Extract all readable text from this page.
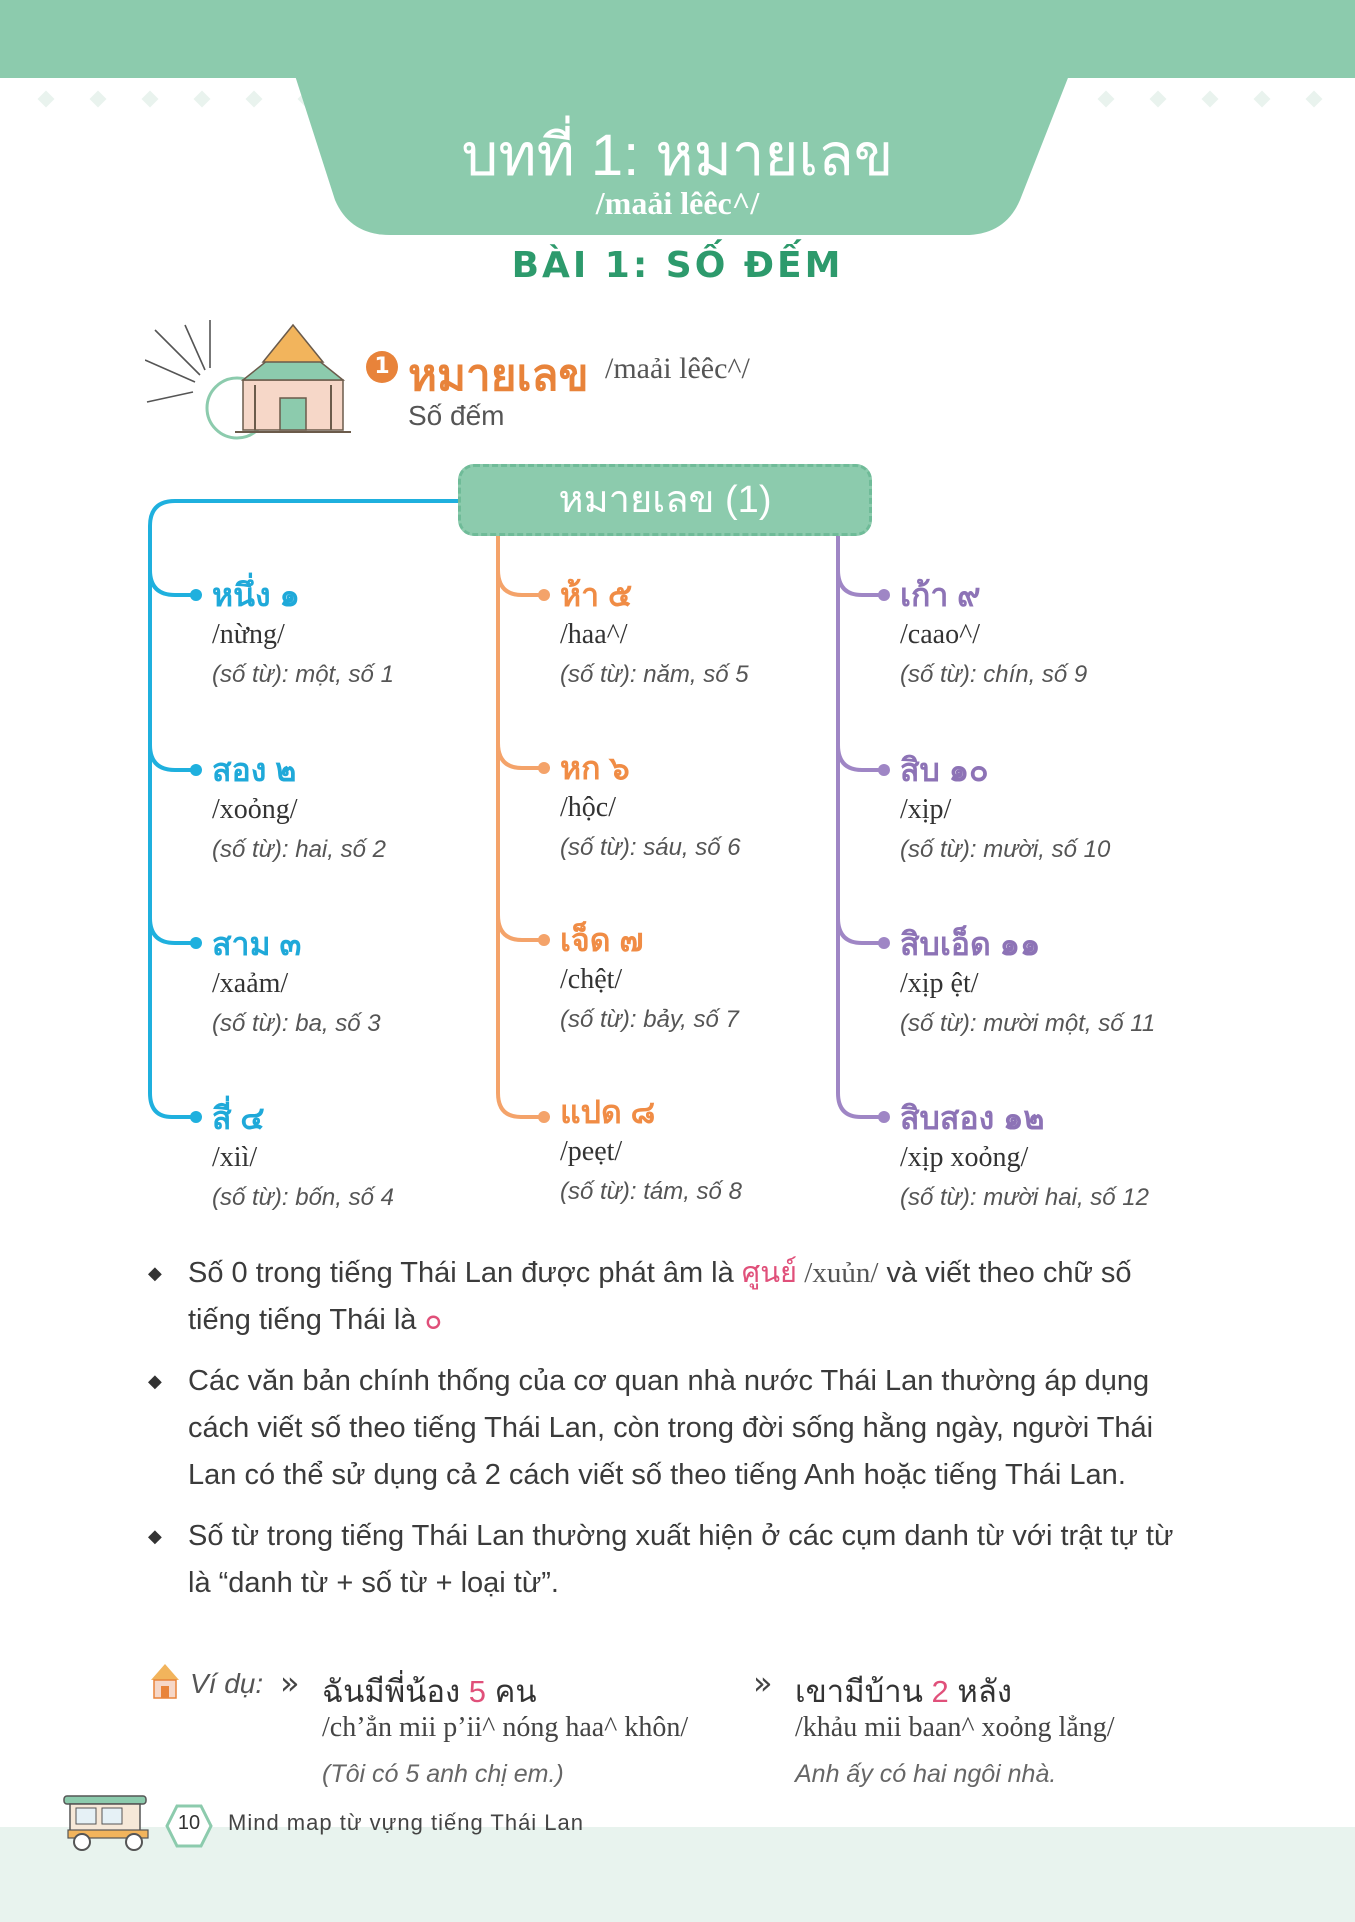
บทที่ 1: หมายเลข
/maải lêêc^/
BÀI 1: SỐ ĐẾM
1 หมายเลข /maải lêêc^/
Số đếm
หมายเลข (1)
หนึ่ง ๑
/nừng/
(số từ): một, số 1
สอง ๒
/xoỏng/
(số từ): hai, số 2
สาม ๓
/xaảm/
(số từ): ba, số 3
สี่ ๔
/xiì/
(số từ): bốn, số 4
ห้า ๕
/haa^/
(số từ): năm, số 5
หก ๖
/hộc/
(số từ): sáu, số 6
เจ็ด ๗
/chệt/
(số từ): bảy, số 7
แปด ๘
/peẹt/
(số từ): tám, số 8
เก้า ๙
/caao^/
(số từ): chín, số 9
สิบ ๑๐
/xịp/
(số từ): mười, số 10
สิบเอ็ด ๑๑
/xịp ệt/
(số từ): mười một, số 11
สิบสอง ๑๒
/xịp xoỏng/
(số từ): mười hai, số 12
◆ Số 0 trong tiếng Thái Lan được phát âm là ศูนย์ /xuủn/ và viết theo chữ số tiếng tiếng Thái là ๐
◆ Các văn bản chính thống của cơ quan nhà nước Thái Lan thường áp dụng cách viết số theo tiếng Thái Lan, còn trong đời sống hằng ngày, người Thái Lan có thể sử dụng cả 2 cách viết số theo tiếng Anh hoặc tiếng Thái Lan.
◆ Số từ trong tiếng Thái Lan thường xuất hiện ở các cụm danh từ với trật tự từ là “danh từ + số từ + loại từ”.
Ví dụ: » ฉันมีพี่น้อง 5 คน
/ch’ẳn mii p’ii^ nóng haa^ khôn/
(Tôi có 5 anh chị em.)
» เขามีบ้าน 2 หลัง
/khảu mii baan^ xoỏng lẳng/
Anh ấy có hai ngôi nhà.
10	Mind map từ vựng tiếng Thái Lan
